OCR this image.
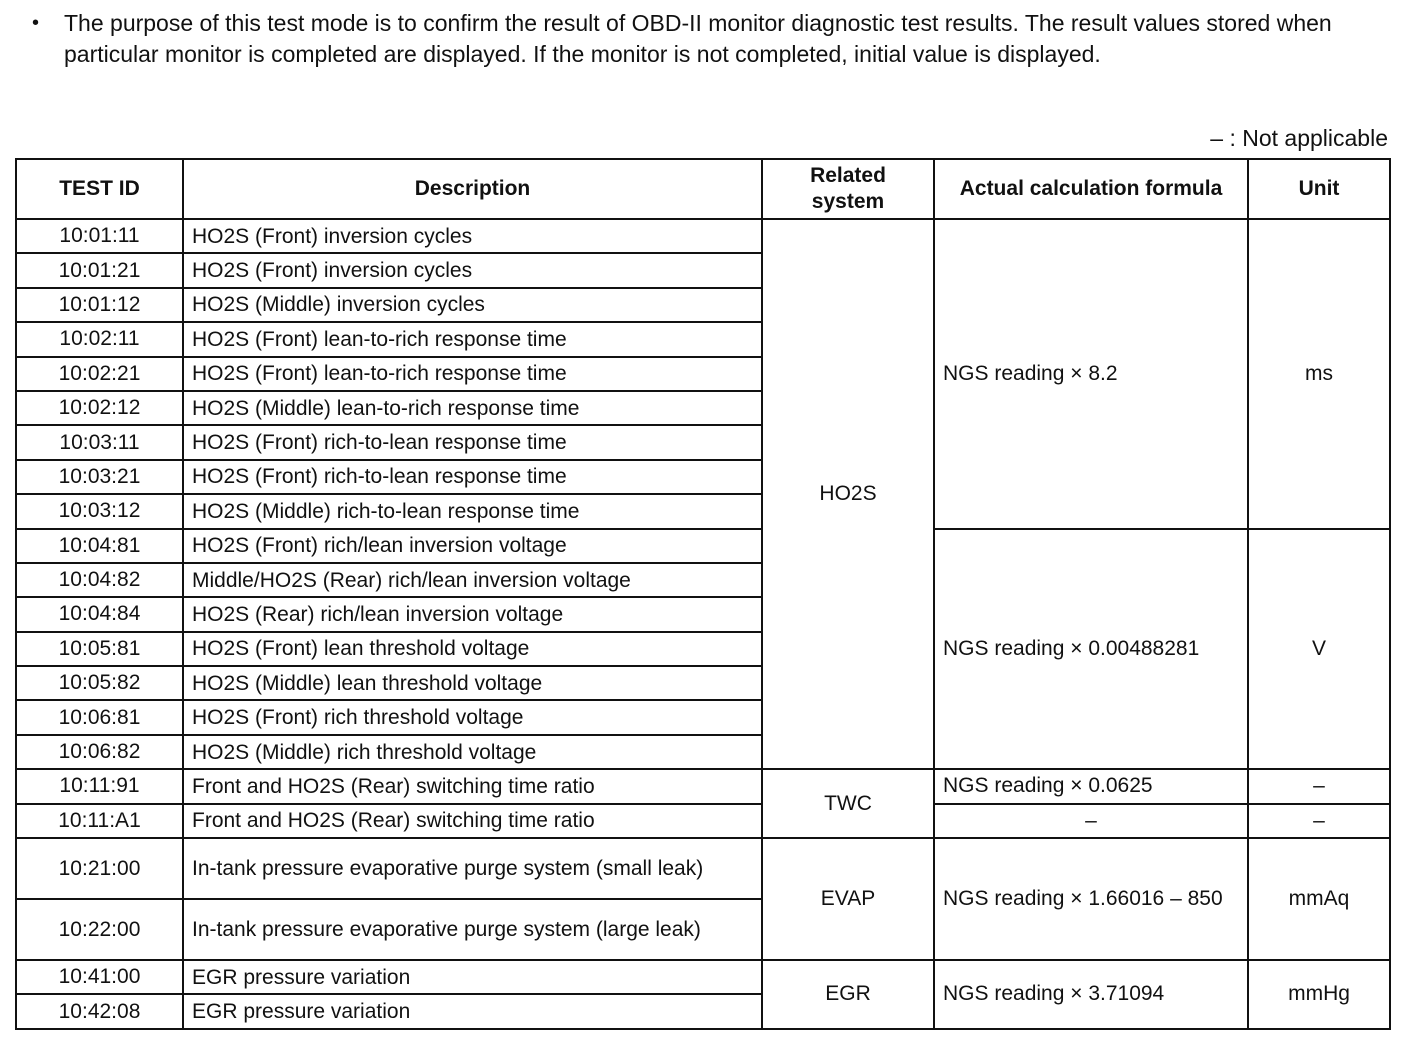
• The purpose of this test mode is to confirm the result of OBD-II monitor diagnostic test results. The result values stored when particular monitor is completed are displayed. If the monitor is not completed, initial value is displayed.
– : Not applicable
TEST ID	Description	Related system	Actual calculation formula	Unit
10:01:11	HO2S (Front) inversion cycles	HO2S	NGS reading × 8.2	ms
10:01:21	HO2S (Front) inversion cycles			
10:01:12	HO2S (Middle) inversion cycles			
10:02:11	HO2S (Front) lean-to-rich response time			
10:02:21	HO2S (Front) lean-to-rich response time			
10:02:12	HO2S (Middle) lean-to-rich response time			
10:03:11	HO2S (Front) rich-to-lean response time			
10:03:21	HO2S (Front) rich-to-lean response time			
10:03:12	HO2S (Middle) rich-to-lean response time			
10:04:81	HO2S (Front) rich/lean inversion voltage		NGS reading × 0.00488281	V
10:04:82	Middle/HO2S (Rear) rich/lean inversion voltage			
10:04:84	HO2S (Rear) rich/lean inversion voltage			
10:05:81	HO2S (Front) lean threshold voltage			
10:05:82	HO2S (Middle) lean threshold voltage			
10:06:81	HO2S (Front) rich threshold voltage			
10:06:82	HO2S (Middle) rich threshold voltage			
10:11:91	Front and HO2S (Rear) switching time ratio	TWC	NGS reading × 0.0625	–
10:11:A1	Front and HO2S (Rear) switching time ratio		–	–
10:21:00	In-tank pressure evaporative purge system (small leak)	EVAP	NGS reading × 1.66016 – 850	mmAq
10:22:00	In-tank pressure evaporative purge system (large leak)			
10:41:00	EGR pressure variation	EGR	NGS reading × 3.71094	mmHg
10:42:08	EGR pressure variation			
